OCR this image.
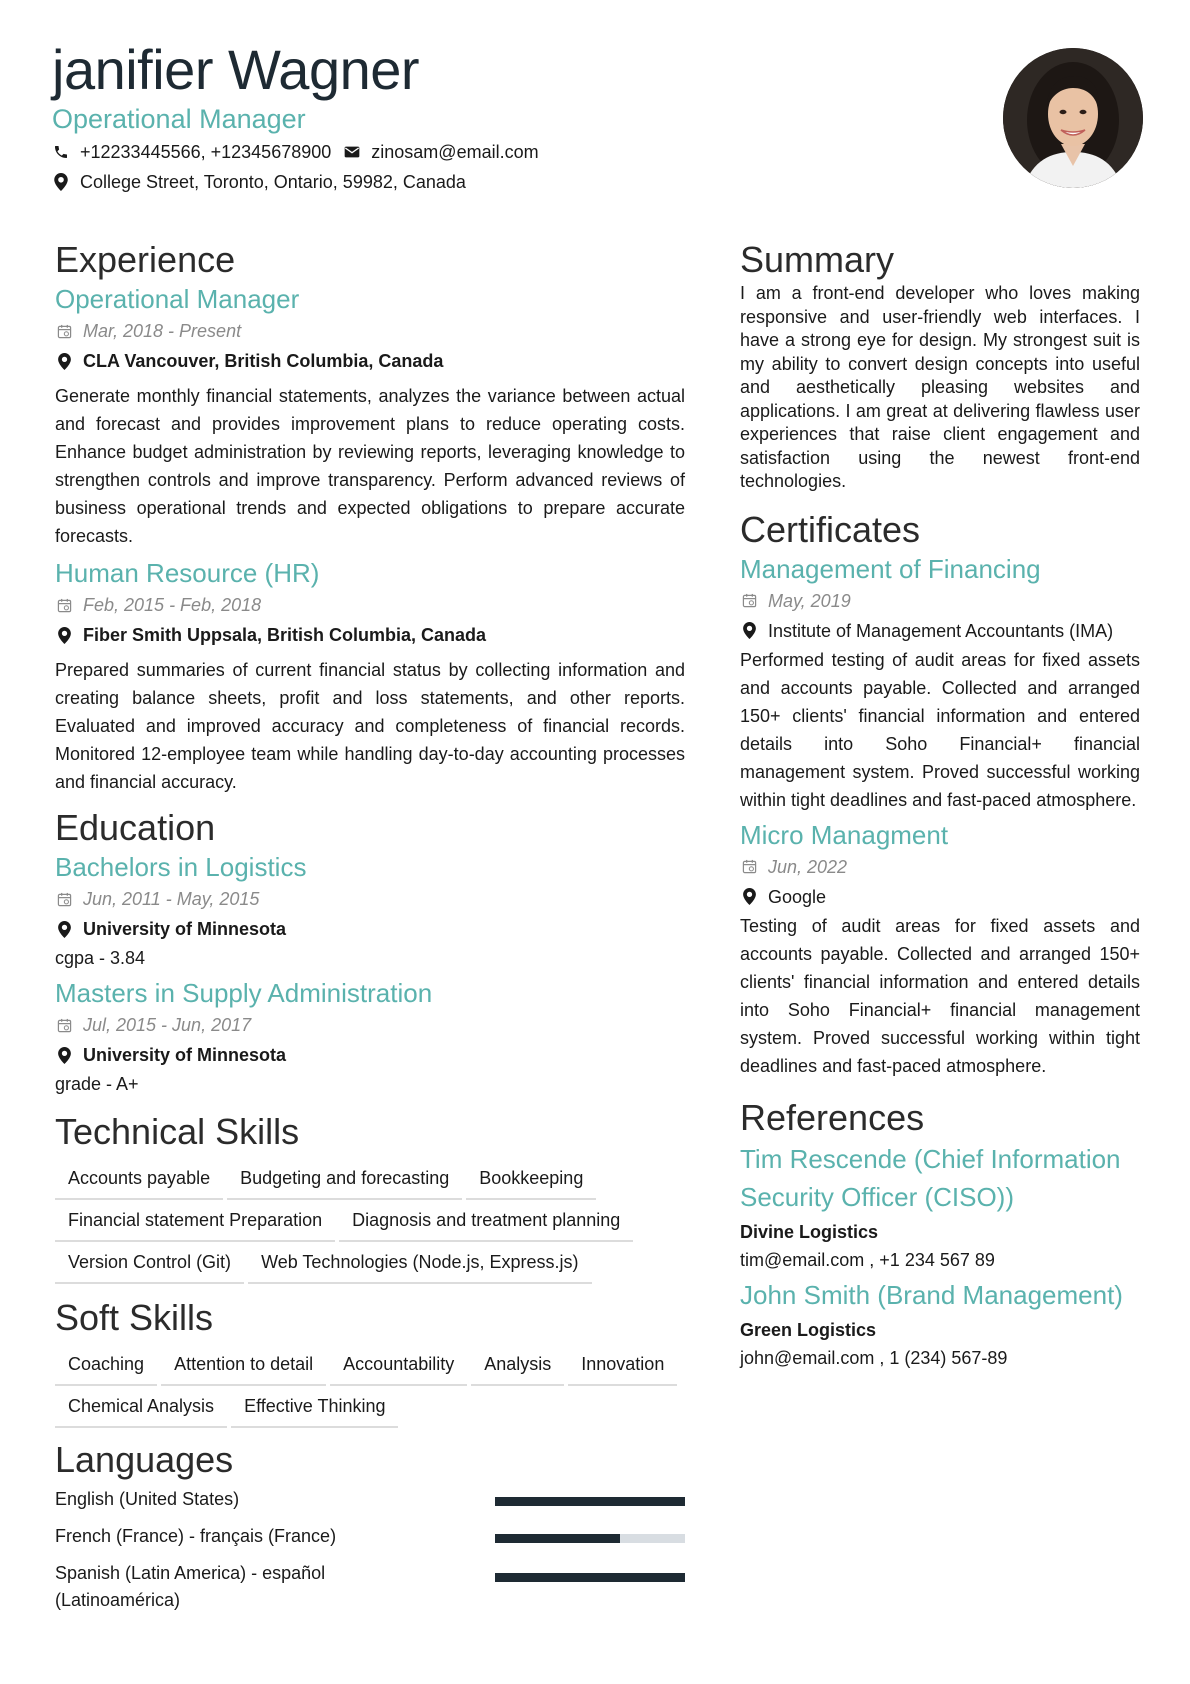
janifier Wagner
Operational Manager
+12233445566, +12345678900 zinosam@email.com
College Street, Toronto, Ontario, 59982, Canada
Experience
Operational Manager
Mar, 2018 - Present
CLA Vancouver, British Columbia, Canada

Generate monthly financial statements, analyzes the variance between actual and forecast and provides improvement plans to reduce operating costs. Enhance budget administration by reviewing reports, leveraging knowledge to strengthen controls and improve transparency. Perform advanced reviews of business operational trends and expected obligations to prepare accurate forecasts.

Human Resource (HR)
Feb, 2015 - Feb, 2018
Fiber Smith Uppsala, British Columbia, Canada

Prepared summaries of current financial status by collecting information and creating balance sheets, profit and loss statements, and other reports. Evaluated and improved accuracy and completeness of financial records. Monitored 12-employee team while handling day-to-day accounting processes and financial accuracy.

Education
Bachelors in Logistics
Jun, 2011 - May, 2015
University of Minnesota
cgpa - 3.84
Masters in Supply Administration
Jul, 2015 - Jun, 2017
University of Minnesota
grade - A+
Technical Skills
Accounts payable	Budgeting and forecasting	Bookkeeping
Financial statement Preparation	Diagnosis and treatment planning
Version Control (Git)	Web Technologies (Node.js, Express.js)
Soft Skills
Coaching	Attention to detail	Accountability	Analysis	Innovation
Chemical Analysis	Effective Thinking
Languages
English (United States)
French (France) - français (France)
Spanish (Latin America) - español (Latinoamérica)
Summary

I am a front-end developer who loves making responsive and user-friendly web interfaces. I have a strong eye for design. My strongest suit is my ability to convert design concepts into useful and aesthetically pleasing websites and applications. I am great at delivering flawless user experiences that raise client engagement and satisfaction using the newest front-end technologies.

Certificates
Management of Financing
May, 2019
Institute of Management Accountants (IMA)

Performed testing of audit areas for fixed assets and accounts payable. Collected and arranged 150+ clients' financial information and entered details into Soho Financial+ financial management system. Proved successful working within tight deadlines and fast-paced atmosphere.

Micro Managment
Jun, 2022
Google

Testing of audit areas for fixed assets and accounts payable. Collected and arranged 150+ clients' financial information and entered details into Soho Financial+ financial management system. Proved successful working within tight deadlines and fast-paced atmosphere.

References
Tim Rescende (Chief Information Security Officer (CISO))
Divine Logistics
tim@email.com , +1 234 567 89
John Smith (Brand Management)
Green Logistics
john@email.com , 1 (234) 567-89
